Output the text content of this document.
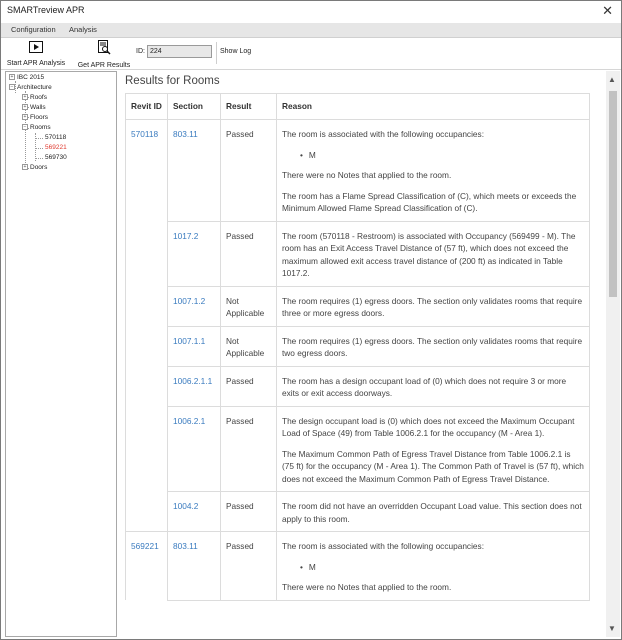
SMARTreview APR	✕
Configuration Analysis
Start APR Analysis	Get APR Results
ID: 224	Show Log
+ IBC 2015
− Architecture
+ Roofs
+ Walls
+ Floors
− Rooms
570118
569221
569730
+ Doors
Results for Rooms
Revit ID	Section	Result	Reason
570118	803.11	Passed	The room is associated with the following occupancies:
• M
There were no Notes that applied to the room.
The room has a Flame Spread Classification of (C), which meets or exceeds the Minimum Allowed Flame Spread Classification of (C).

	1017.2	Passed	The room (570118 - Restroom) is associated with Occupancy (569499 - M). The room has an Exit Access Travel Distance of (57 ft), which does not exceed the maximum allowed exit access travel distance of (200 ft) as indicated in Table 1017.2.

	1007.1.2	Not Applicable	The room requires (1) egress doors. The section only validates rooms that require three or more egress doors.

	1007.1.1	Not Applicable	The room requires (1) egress doors. The section only validates rooms that require two egress doors.

	1006.2.1.1	Passed	The room has a design occupant load of (0) which does not require 3 or more exits or exit access doorways.

	1006.2.1	Passed	The design occupant load is (0) which does not exceed the Maximum Occupant Load of Space (49) from Table 1006.2.1 for the occupancy (M - Area 1).
The Maximum Common Path of Egress Travel Distance from Table 1006.2.1 is (75 ft) for the occupancy (M - Area 1). The Common Path of Travel is (57 ft), which does not exceed the Maximum Common Path of Egress Travel Distance.

	1004.2	Passed	The room did not have an overridden Occupant Load value. This section does not apply to this room.

569221	803.11	Passed	The room is associated with the following occupancies:
• M
There were no Notes that applied to the room.
▲
▼
